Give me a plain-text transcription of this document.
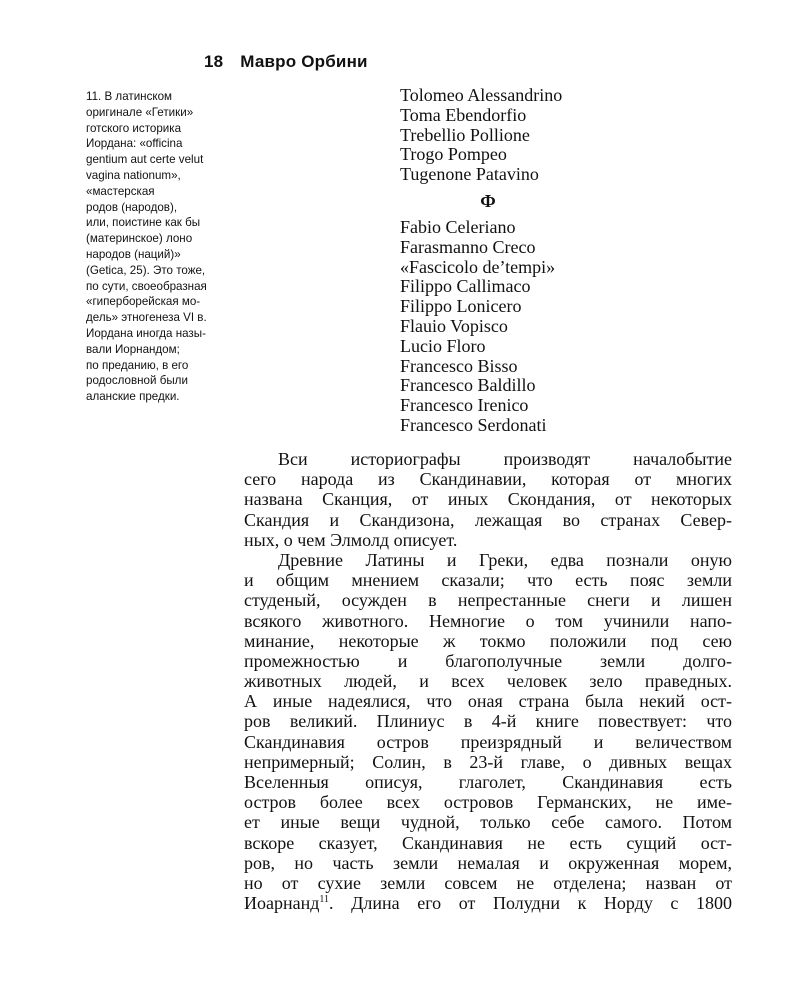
18 Мавро Орбини
11. В латинском
оригинале «Гетики»
готского историка
Иордана: «officina
gentium aut certe velut
vagina nationum»,
«мастерская
родов (народов),
или, поистине как бы
(материнское) лоно
народов (наций)»
(Getica, 25). Это тоже,
по сути, своеобразная
«гиперборейская мо-
дель» этногенеза VI в.
Иордана иногда назы-
вали Иорнандом;
по преданию, в его
родословной были
аланские предки.
Tolomeo Alessandrino
Toma Ebendorfio
Trebellio Pollione
Trogo Pompeo
Tugenone Patavino
Ф
Fabio Celeriano
Farasmanno Creco
«Fascicolo de’tempi»
Filippo Callimaco
Filippo Lonicero
Flauio Vopisco
Lucio Floro
Francesco Bisso
Francesco Baldillo
Francesco Irenico
Francesco Serdonati
Вси историографы производят началобытие
сего народа из Скандинавии, которая от многих
названа Сканция, от иных Скондания, от некоторых
Скандия и Скандизона, лежащая во странах Север-
ных, о чем Элмолд описует.
Древние Латины и Греки, едва познали оную
и общим мнением сказали; что есть пояс земли
студеный, осужден в непрестанные снеги и лишен
всякого животного. Немногие о том учинили напо-
минание, некоторые ж токмо положили под сею
промежностью и благополучные земли долго-
животных людей, и всех человек зело праведных.
А иные надеялися, что оная страна была некий ост-
ров великий. Плиниус в 4-й книге повествует: что
Скандинавия остров преизрядный и величеством
непримерный; Солин, в 23-й главе, о дивных вещах
Вселенныя описуя, глаголет, Скандинавия есть
остров более всех островов Германских, не име-
ет иные вещи чудной, только себе самого. Потом
вскоре сказует, Скандинавия не есть сущий ост-
ров, но часть земли немалая и окруженная морем,
но от сухие земли совсем не отделена; назван от
Иоарнанд$^{11}$. Длина его от Полудни к Норду с 1800
